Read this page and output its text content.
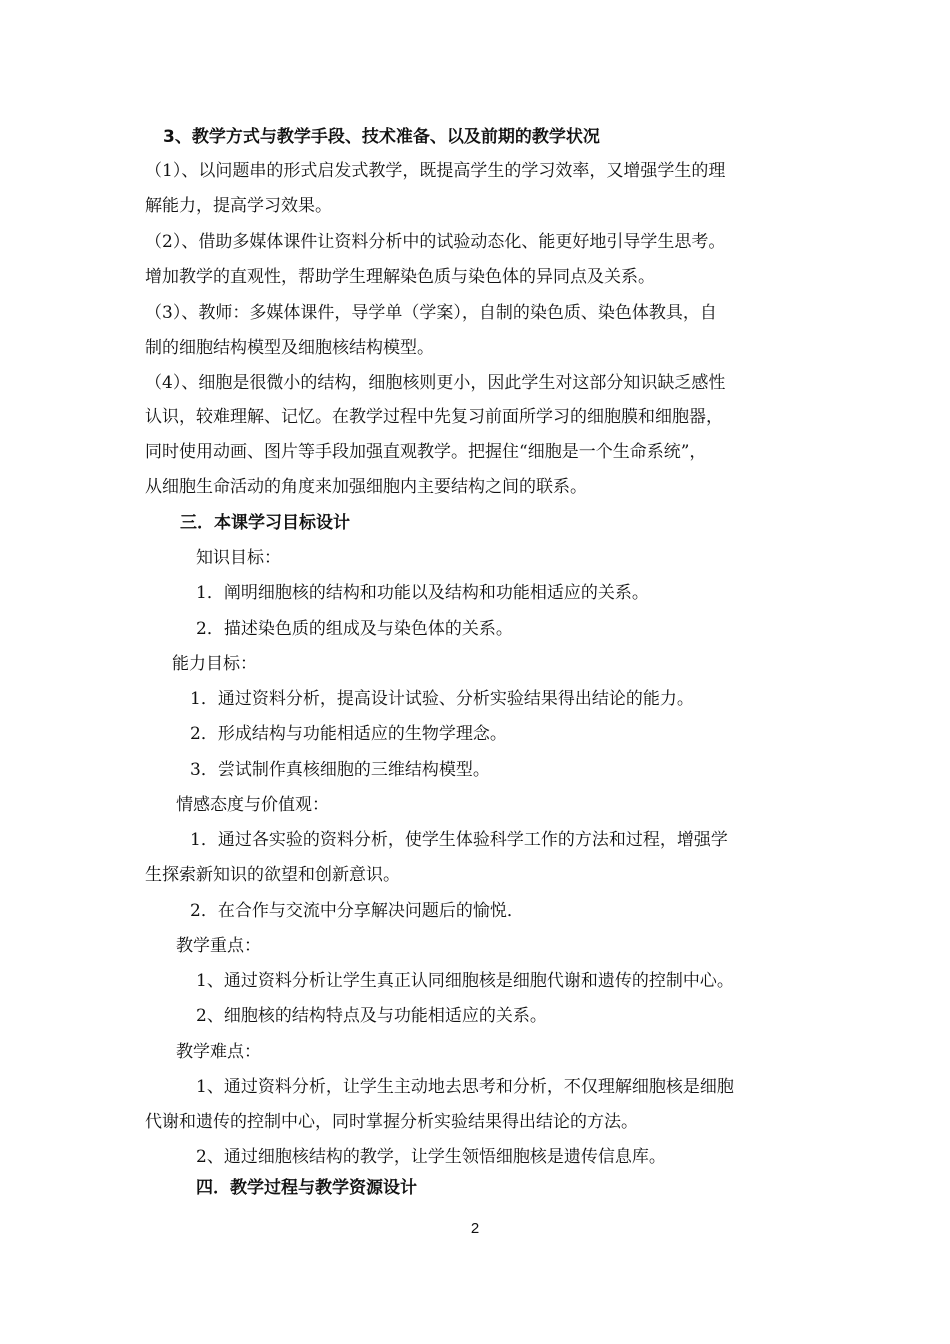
3、教学方式与教学手段、技术准备、以及前期的教学状况
（1）、以问题串的形式启发式教学，既提高学生的学习效率，又增强学生的理
解能力，提高学习效果。
（2）、借助多媒体课件让资料分析中的试验动态化、能更好地引导学生思考。
增加教学的直观性，帮助学生理解染色质与染色体的异同点及关系。
（3）、教师：多媒体课件，导学单（学案），自制的染色质、染色体教具，自
制的细胞结构模型及细胞核结构模型。
（4）、细胞是很微小的结构，细胞核则更小，因此学生对这部分知识缺乏感性
认识，较难理解、记忆。在教学过程中先复习前面所学习的细胞膜和细胞器，
同时使用动画、图片等手段加强直观教学。把握住“细胞是一个生命系统”，
从细胞生命活动的角度来加强细胞内主要结构之间的联系。
三．本课学习目标设计
知识目标：
1．阐明细胞核的结构和功能以及结构和功能相适应的关系。
2．描述染色质的组成及与染色体的关系。
能力目标：
1．通过资料分析，提高设计试验、分析实验结果得出结论的能力。
2．形成结构与功能相适应的生物学理念。
3．尝试制作真核细胞的三维结构模型。
情感态度与价值观：
1．通过各实验的资料分析，使学生体验科学工作的方法和过程，增强学
生探索新知识的欲望和创新意识。
2．在合作与交流中分享解决问题后的愉悦．
教学重点：
1、通过资料分析让学生真正认同细胞核是细胞代谢和遗传的控制中心。
2、细胞核的结构特点及与功能相适应的关系。
教学难点：
1、通过资料分析，让学生主动地去思考和分析，不仅理解细胞核是细胞
代谢和遗传的控制中心，同时掌握分析实验结果得出结论的方法。
2、通过细胞核结构的教学，让学生领悟细胞核是遗传信息库。
四．教学过程与教学资源设计
2
